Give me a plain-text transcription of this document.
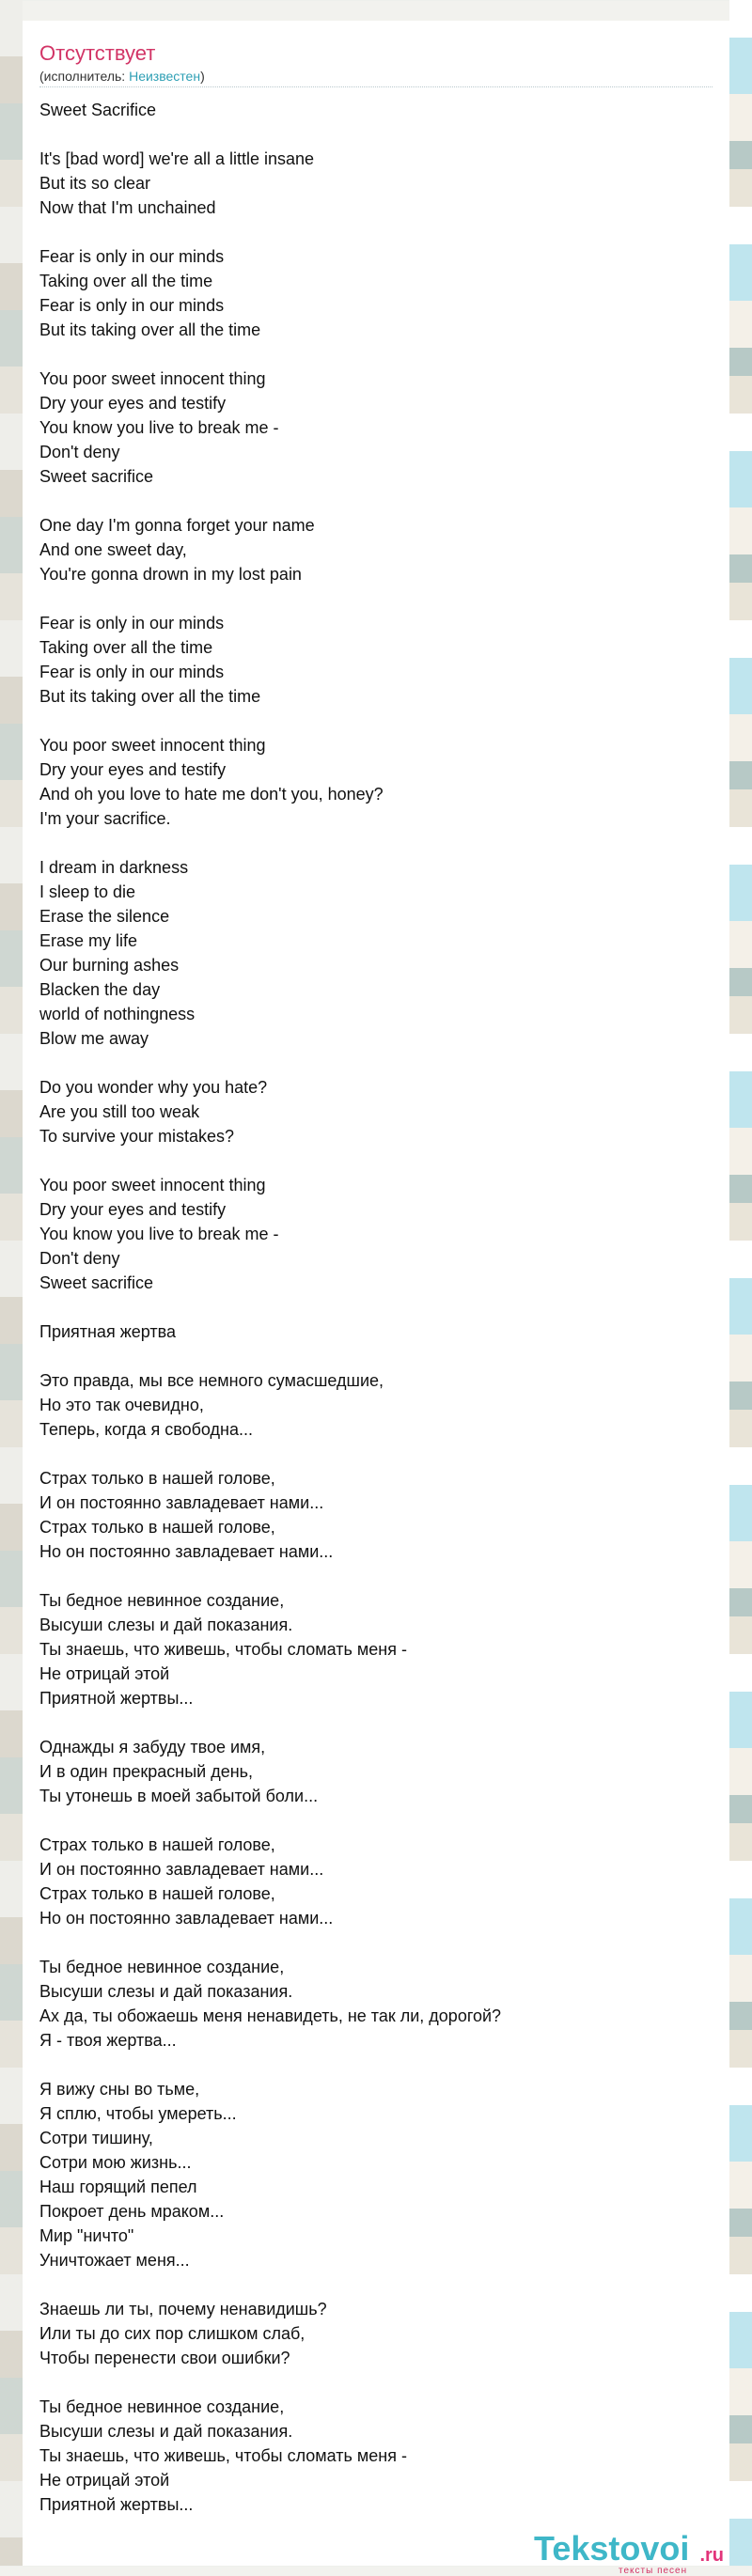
Отсутствует
(исполнитель: Неизвестен)
Sweet Sacrifice
It's [bad word] we're all a little insane
But its so clear
Now that I'm unchained
Fear is only in our minds
Taking over all the time
Fear is only in our minds
But its taking over all the time
You poor sweet innocent thing
Dry your eyes and testify
You know you live to break me -
Don't deny
Sweet sacrifice
One day I'm gonna forget your name
And one sweet day,
You're gonna drown in my lost pain
Fear is only in our minds
Taking over all the time
Fear is only in our minds
But its taking over all the time
You poor sweet innocent thing
Dry your eyes and testify
And oh you love to hate me don't you, honey?
I'm your sacrifice.
I dream in darkness
I sleep to die
Erase the silence
Erase my life
Our burning ashes
Blacken the day
world of nothingness
Blow me away
Do you wonder why you hate?
Are you still too weak
To survive your mistakes?
You poor sweet innocent thing
Dry your eyes and testify
You know you live to break me -
Don't deny
Sweet sacrifice
Приятная жертва
Это правда, мы все немного сумасшедшие,
Но это так очевидно,
Теперь, когда я свободна...
Страх только в нашей голове,
И он постоянно завладевает нами...
Страх только в нашей голове,
Но он постоянно завладевает нами...
Ты бедное невинное создание,
Высуши слезы и дай показания.
Ты знаешь, что живешь, чтобы сломать меня -
Не отрицай этой
Приятной жертвы...
Однажды я забуду твое имя,
И в один прекрасный день,
Ты утонешь в моей забытой боли...
Страх только в нашей голове,
И он постоянно завладевает нами...
Страх только в нашей голове,
Но он постоянно завладевает нами...
Ты бедное невинное создание,
Высуши слезы и дай показания.
Ах да, ты обожаешь меня ненавидеть, не так ли, дорогой?
Я - твоя жертва...
Я вижу сны во тьме,
Я сплю, чтобы умереть...
Сотри тишину,
Сотри мою жизнь...
Наш горящий пепел
Покроет день мраком...
Мир "ничто"
Уничтожает меня...
Знаешь ли ты, почему ненавидишь?
Или ты до сих пор слишком слаб,
Чтобы перенести свои ошибки?
Ты бедное невинное создание,
Высуши слезы и дай показания.
Ты знаешь, что живешь, чтобы сломать меня -
Не отрицай этой
Приятной жертвы...
Tekstovoi .ru
тексты песен
